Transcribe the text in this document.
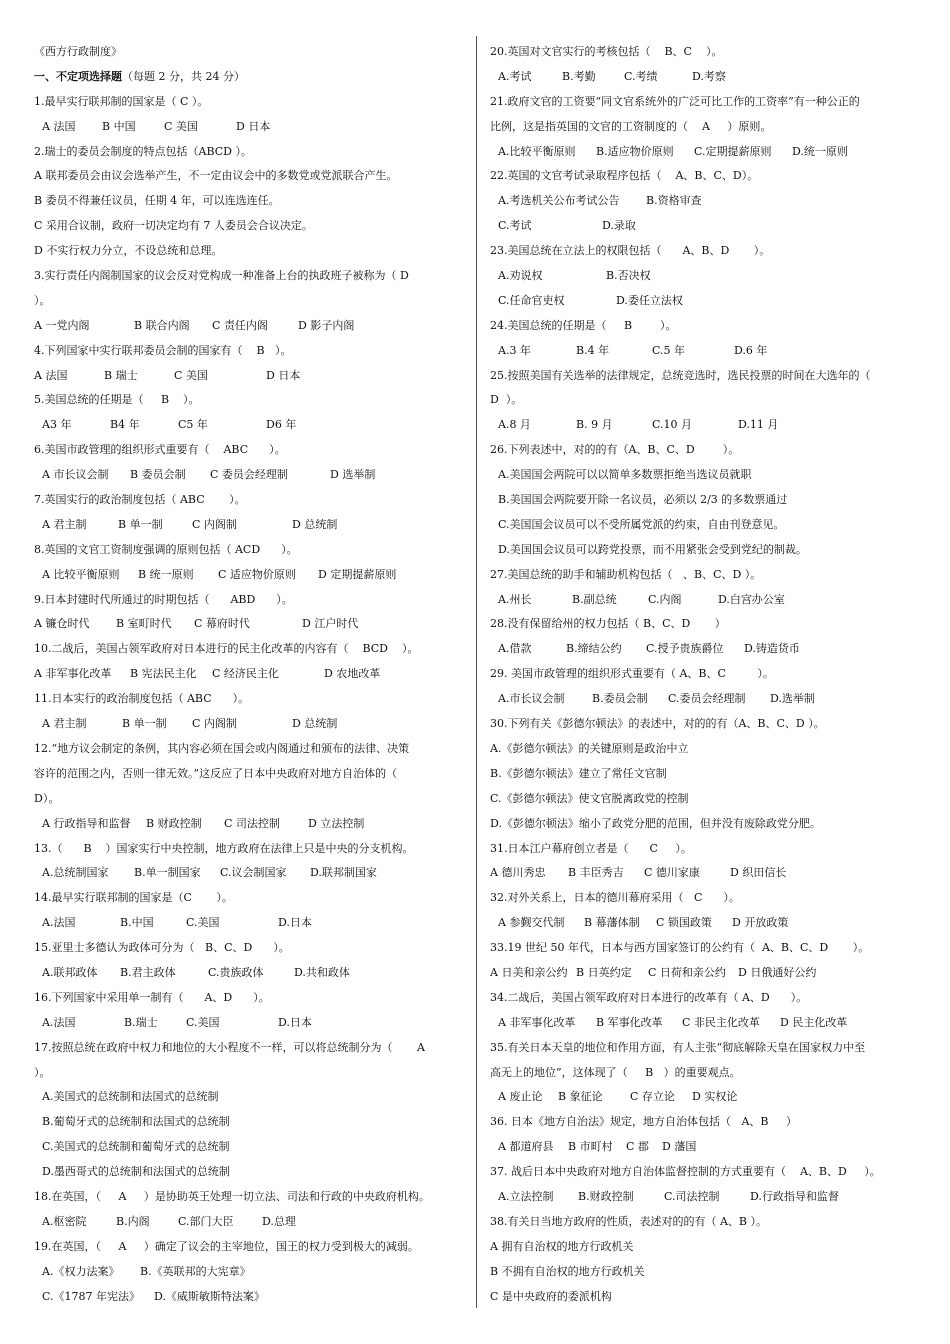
《西方行政制度》
一、不定项选择题（每题 2 分，共 24 分）
1.最早实行联邦制的国家是（ C ）。
A 法国	B 中国	C 美国	D 日本
2.瑞士的委员会制度的特点包括（ABCD ）。
A 联邦委员会由议会选举产生，不一定由议会中的多数党或党派联合产生。
B 委员不得兼任议员，任期 4 年，可以连选连任。
C 采用合议制，政府一切决定均有 7 人委员会合议决定。
D 不实行权力分立，不设总统和总理。
3.实行责任内阁制国家的议会反对党构成一种准备上台的执政班子被称为（ D
）。
A 一党内阁	B 联合内阁	C 责任内阁	D 影子内阁
4.下列国家中实行联邦委员会制的国家有（    B   ）。
A 法国	B 瑞士	C 美国	D 日本
5.美国总统的任期是（     B    ）。
A3 年	B4 年	C5 年	D6 年
6.美国市政管理的组织形式重要有（    ABC      ）。
A 市长议会制	B 委员会制	C 委员会经理制	D 选举制
7.英国实行的政治制度包括（ ABC       ）。
A 君主制	B 单一制	C 内阁制	D 总统制
8.英国的文官工资制度强调的原则包括（ ACD      ）。
A 比较平衡原则	B 统一原则	C 适应物价原则	D 定期提薪原则
9.日本封建时代所通过的时期包括（      ABD      ）。
A 镰仓时代	B 室町时代	C 幕府时代	D 江户时代
10.二战后，美国占领军政府对日本进行的民主化改革的内容有（    BCD    ）。
A 非军事化改革	B 宪法民主化	C 经济民主化	D 农地改革
11.日本实行的政治制度包括（ ABC      ）。
A 君主制	B 单一制	C 内阁制	D 总统制
12.“地方议会制定的条例，其内容必须在国会或内阁通过和颁布的法律、决策
容许的范围之内，否则一律无效。”这反应了日本中央政府对地方自治体的（
D）。
A 行政指导和监督	B 财政控制	C 司法控制	D 立法控制
13.（      B    ）国家实行中央控制，地方政府在法律上只是中央的分支机构。
A.总统制国家	B.单一制国家	C.议会制国家	D.联邦制国家
14.最早实行联邦制的国家是（C       ）。
A.法国	B.中国	C.美国	D.日本
15.亚里士多德认为政体可分为（   B、C、D      ）。
A.联邦政体	B.君主政体	C.贵族政体	D.共和政体
16.下列国家中采用单一制有（      A、D      ）。
A.法国	B.瑞士	C.美国	D.日本
17.按照总统在政府中权力和地位的大小程度不一样，可以将总统制分为（       A
）。
A.美国式的总统制和法国式的总统制
B.葡萄牙式的总统制和法国式的总统制
C.美国式的总统制和葡萄牙式的总统制
D.墨西哥式的总统制和法国式的总统制
18.在英国，（     A     ）是协助英王处理一切立法、司法和行政的中央政府机构。
A.枢密院	B.内阁	C.部门大臣	D.总理
19.在英国，（     A     ）确定了议会的主宰地位，国王的权力受到极大的减弱。
A.《权力法案》	B.《英联邦的大宪章》
C.《1787 年宪法》	D.《威斯敏斯特法案》
20.英国对文官实行的考核包括（    B、C    ）。
A.考试	B.考勤	C.考绩	D.考察
21.政府文官的工资要“同文官系统外的广泛可比工作的工资率”有一种公正的
比例，这是指英国的文官的工资制度的（    A     ）原则。
A.比较平衡原则	B.适应物价原则	C.定期提薪原则	D.统一原则
22.英国的文官考试录取程序包括（    A、B、C、D）。
A.考选机关公布考试公告	B.资格审查
C.考试	D.录取
23.美国总统在立法上的权限包括（      A、B、D       ）。
A.劝说权	B.否决权
C.任命官吏权	D.委任立法权
24.美国总统的任期是（     B        ）。
A.3 年	B.4 年	C.5 年	D.6 年
25.按照美国有关选举的法律规定，总统竞选时，选民投票的时间在大选年的（
D  ）。
A.8 月	B. 9 月	C.10 月	D.11 月
26.下列表述中，对的的有（A、B、C、D        ）。
A.美国国会两院可以以简单多数票拒绝当选议员就职
B.美国国会两院要开除一名议员，必须以 2/3 的多数票通过
C.美国国会议员可以不受所属党派的约束，自由刊登意见。
D.美国国会议员可以跨党投票，而不用紧张会受到党纪的制裁。
27.美国总统的助手和辅助机构包括（   、B、C、D ）。
A.州长	B.副总统	C.内阁	D.白宫办公室
28.没有保留给州的权力包括（ B、C、D       ）
A.借款	B.缔结公约	C.授予贵族爵位	D.铸造货币
29. 美国市政管理的组织形式重要有（ A、B、C         ）。
A.市长议会制	B.委员会制	C.委员会经理制	D.选举制
30.下列有关《彭德尔顿法》的表述中，对的的有（A、B、C、D ）。
A.《彭德尔顿法》的关键原则是政治中立
B.《彭德尔顿法》建立了常任文官制
C.《彭德尔顿法》使文官脱离政党的控制
D.《彭德尔顿法》缩小了政党分肥的范围，但并没有废除政党分肥。
31.日本江户幕府创立者是（      C     ）。
A 德川秀忠	B 丰臣秀吉	C 德川家康	D 织田信长
32.对外关系上，日本的德川幕府采用（   C      ）。
A 参觐交代制	B 幕藩体制	C 锁国政策	D 开放政策
33.19 世纪 50 年代，日本与西方国家签订的公约有（  A、B、C、D       ）。
A 日美和亲公约 B 日英约定	C 日荷和亲公约	D 日俄通好公约
34.二战后，美国占领军政府对日本进行的改革有（ A、D      ）。
A 非军事化改革	B 军事化改革	C 非民主化改革	D 民主化改革
35.有关日本天皇的地位和作用方面，有人主张“彻底解除天皇在国家权力中至
高无上的地位”，这体现了（     B   ）的重要观点。
A 废止论	B 象征论	C 存立论	D 实权论
36. 日本《地方自治法》规定，地方自治体包括（   A、B     ）
A 都道府县	B 市町村	C 郡	D 藩国
37. 战后日本中央政府对地方自治体监督控制的方式重要有（    A、B、D     ）。
A.立法控制	B.财政控制	C.司法控制	D.行政指导和监督
38.有关日当地方政府的性质，表述对的的有（ A、B ）。
A 拥有自治权的地方行政机关
B 不拥有自治权的地方行政机关
C 是中央政府的委派机构
